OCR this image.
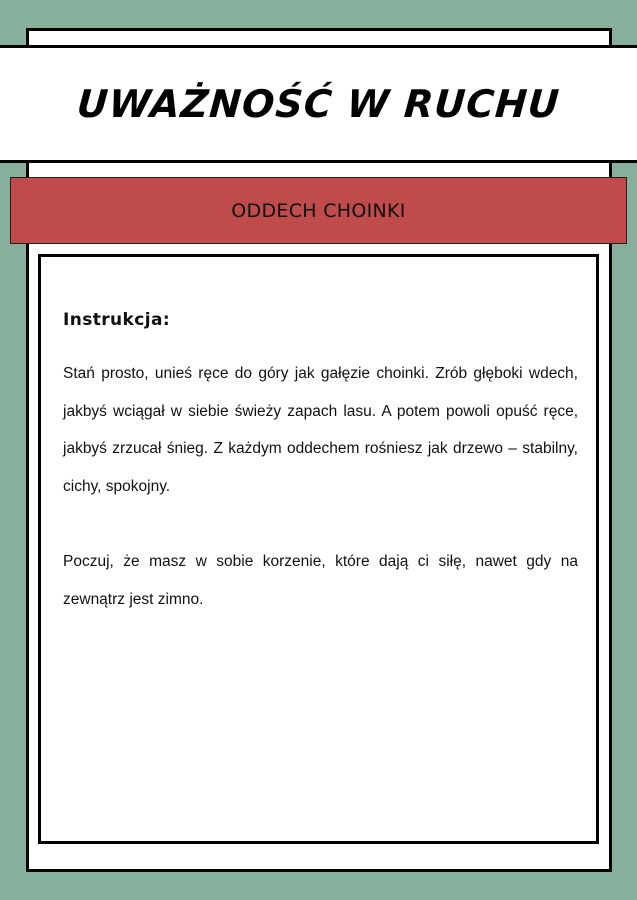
UWAŻNOŚĆ W RUCHU
ODDECH CHOINKI
Instrukcja:

Stań prosto, unieś ręce do góry jak gałęzie choinki. Zrób głęboki wdech, jakbyś wciągał w siebie świeży zapach lasu. A potem powoli opuść ręce, jakbyś zrzucał śnieg. Z każdym oddechem rośniesz jak drzewo – stabilny, cichy, spokojny.

Poczuj, że masz w sobie korzenie, które dają ci siłę, nawet gdy na zewnątrz jest zimno.
